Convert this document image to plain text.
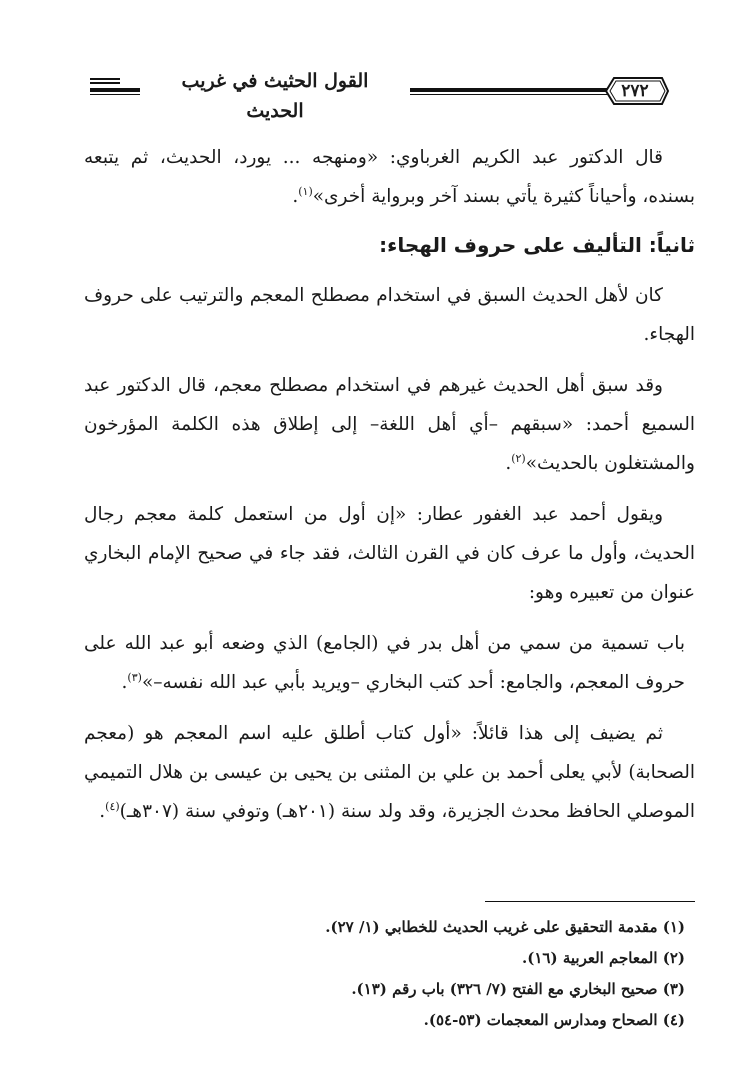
القول الحثيث في غريب الحديث
٢٧٢

قال الدكتور عبد الكريم الغرباوي: «ومنهجه ... يورد، الحديث، ثم يتبعه بسنده، وأحياناً كثيرة يأتي بسند آخر وبرواية أخرى»$^{(١)}$.

ثانياً: التأليف على حروف الهجاء:

كان لأهل الحديث السبق في استخدام مصطلح المعجم والترتيب على حروف الهجاء.

وقد سبق أهل الحديث غيرهم في استخدام مصطلح معجم، قال الدكتور عبد السميع أحمد: «سبقهم –أي أهل اللغة– إلى إطلاق هذه الكلمة المؤرخون والمشتغلون بالحديث»$^{(٢)}$.

ويقول أحمد عبد الغفور عطار: «إن أول من استعمل كلمة معجم رجال الحديث، وأول ما عرف كان في القرن الثالث، فقد جاء في صحيح الإمام البخاري عنوان من تعبيره وهو:

باب تسمية من سمي من أهل بدر في (الجامع) الذي وضعه أبو عبد الله على حروف المعجم، والجامع: أحد كتب البخاري –ويريد بأبي عبد الله نفسه–»$^{(٣)}$.

ثم يضيف إلى هذا قائلاً: «أول كتاب أطلق عليه اسم المعجم هو (معجم الصحابة) لأبي يعلى أحمد بن علي بن المثنى بن يحيى بن عيسى بن هلال التميمي الموصلي الحافظ محدث الجزيرة، وقد ولد سنة (٢٠١هـ) وتوفي سنة (٣٠٧هـ)$^{(٤)}$.

(١) مقدمة التحقيق على غريب الحديث للخطابي (١/ ٢٧).
(٢) المعاجم العربية (١٦).
(٣) صحيح البخاري مع الفتح (٧/ ٣٢٦) باب رقم (١٣).
(٤) الصحاح ومدارس المعجمات (٥٣-٥٤).
